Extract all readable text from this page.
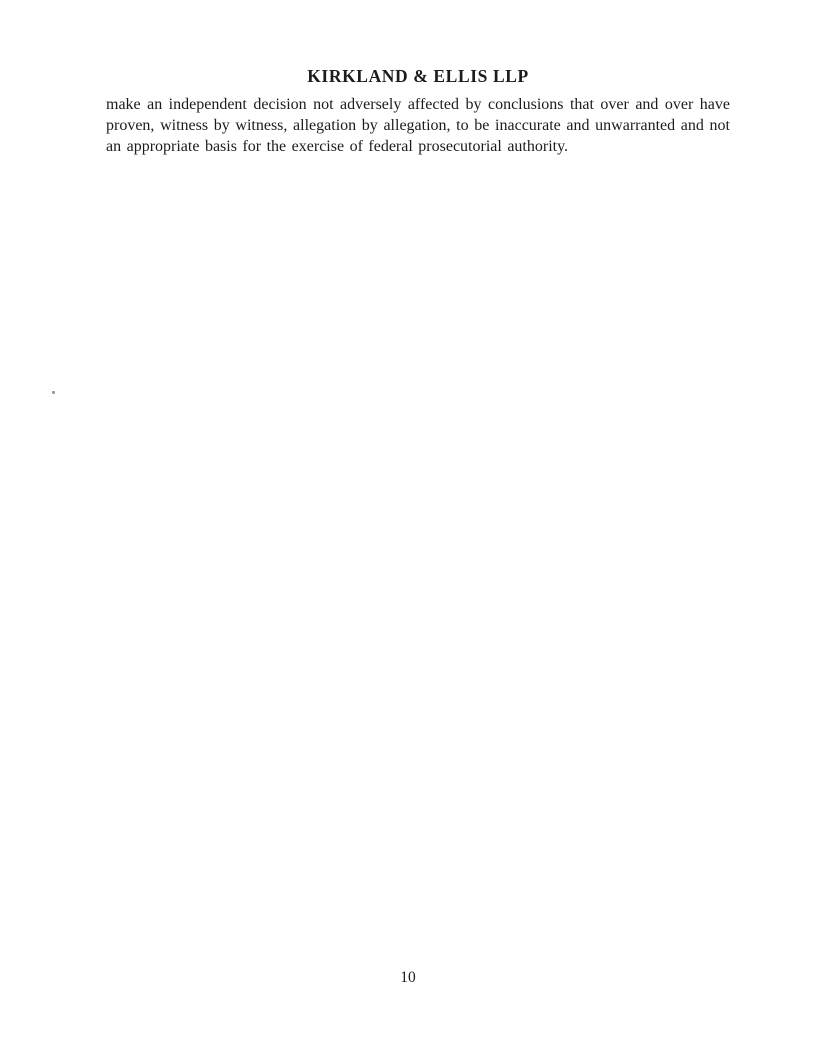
KIRKLAND & ELLIS LLP

make an independent decision not adversely affected by conclusions that over and over have proven, witness by witness, allegation by allegation, to be inaccurate and unwarranted and not an appropriate basis for the exercise of federal prosecutorial authority.

10
